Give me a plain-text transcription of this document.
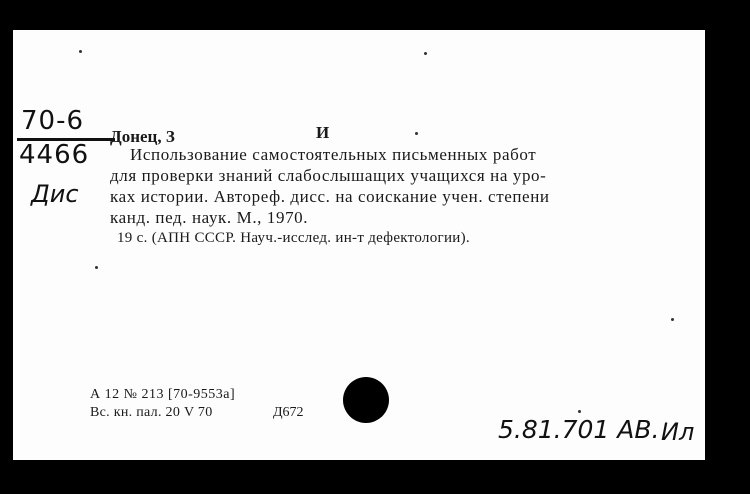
70-6
4466
Дис
Донец, З	И
Использование самостоятельных письменных работ
для проверки знаний слабослышащих учащихся на уро-
ках истории. Автореф. дисс. на соискание учен. степени
канд. пед. наук. М., 1970.
19 с. (АПН СССР. Науч.-исслед. ин-т дефектологии).
А 12 № 213 [70-9553а]
Вс. кн. пал. 20 V 70	Д672
5.81.701 АВ. Ил
